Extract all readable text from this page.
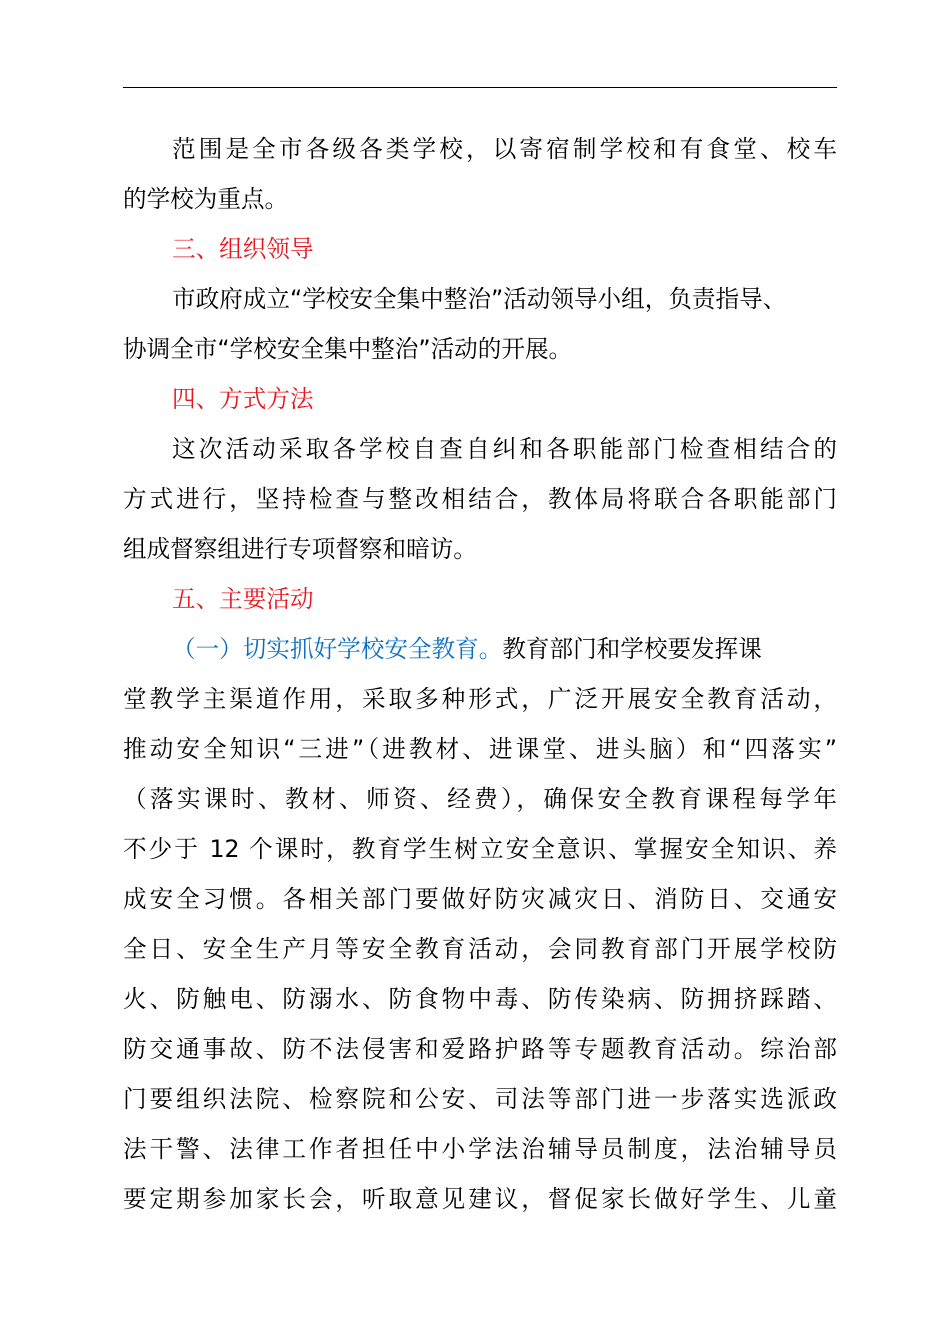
范围是全市各级各类学校，以寄宿制学校和有食堂、校车
的学校为重点。
三、组织领导
市政府成立“学校安全集中整治”活动领导小组，负责指导、
协调全市“学校安全集中整治”活动的开展。
四、方式方法
这次活动采取各学校自查自纠和各职能部门检查相结合的
方式进行，坚持检查与整改相结合，教体局将联合各职能部门
组成督察组进行专项督察和暗访。
五、主要活动
（一）切实抓好学校安全教育。教育部门和学校要发挥课
堂教学主渠道作用，采取多种形式，广泛开展安全教育活动，
推动安全知识“三进”（进教材、进课堂、进头脑）和“四落实”
（落实课时、教材、师资、经费），确保安全教育课程每学年
不少于 12 个课时，教育学生树立安全意识、掌握安全知识、养
成安全习惯。各相关部门要做好防灾减灾日、消防日、交通安
全日、安全生产月等安全教育活动，会同教育部门开展学校防
火、防触电、防溺水、防食物中毒、防传染病、防拥挤踩踏、
防交通事故、防不法侵害和爱路护路等专题教育活动。综治部
门要组织法院、检察院和公安、司法等部门进一步落实选派政
法干警、法律工作者担任中小学法治辅导员制度，法治辅导员
要定期参加家长会，听取意见建议，督促家长做好学生、儿童
